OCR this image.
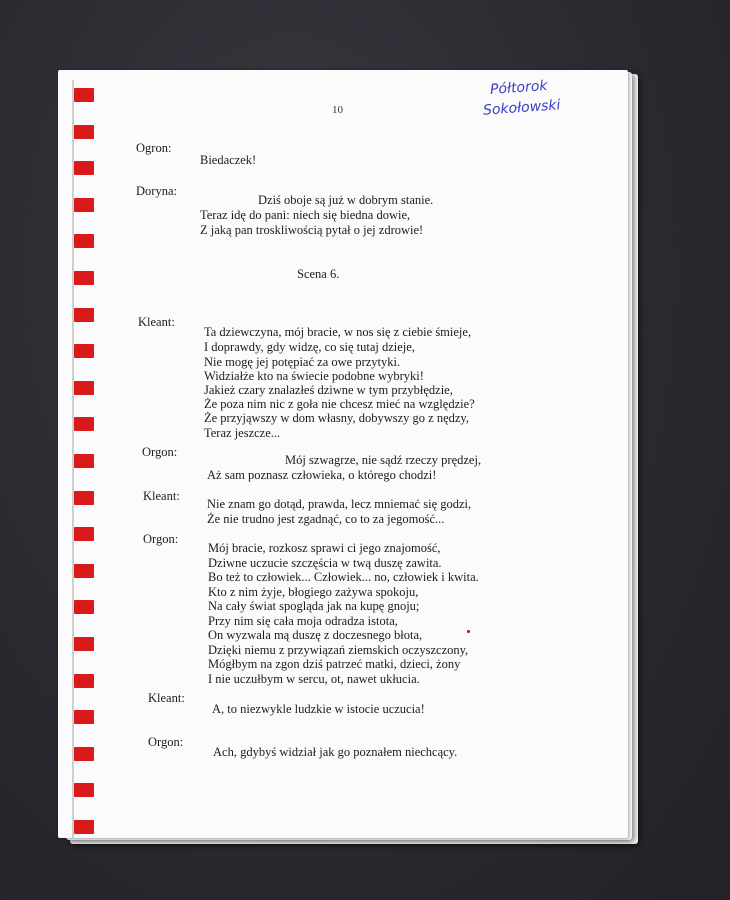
10
Półtorok
Sokołowski
Ogron:
Biedaczek!
Doryna:
Dziś oboje są już w dobrym stanie.
Teraz idę do pani: niech się biedna dowie,
Z jaką pan troskliwością pytał o jej zdrowie!
Scena 6.
Kleant:
Ta dziewczyna, mój bracie, w nos się z ciebie śmieje,
I doprawdy, gdy widzę, co się tutaj dzieje,
Nie mogę jej potępiać za owe przytyki.
Widziałże kto na świecie podobne wybryki!
Jakież czary znalazłeś dziwne w tym przybłędzie,
Że poza nim nic z goła nie chcesz mieć na względzie?
Że przyjąwszy w dom własny, dobywszy go z nędzy,
Teraz jeszcze...
Orgon:
Mój szwagrze, nie sądź rzeczy prędzej,
Aż sam poznasz człowieka, o którego chodzi!
Kleant:
Nie znam go dotąd, prawda, lecz mniemać się godzi,
Że nie trudno jest zgadnąć, co to za jegomość...
Orgon:
Mój bracie, rozkosz sprawi ci jego znajomość,
Dziwne uczucie szczęścia w twą duszę zawita.
Bo też to człowiek... Człowiek... no, człowiek i kwita.
Kto z nim żyje, błogiego zażywa spokoju,
Na cały świat spogląda jak na kupę gnoju;
Przy nim się cała moja odradza istota,
On wyzwala mą duszę z doczesnego błota,
Dzięki niemu z przywiązań ziemskich oczyszczony,
Mógłbym na zgon dziś patrzeć matki, dzieci, żony
I nie uczułbym w sercu, ot, nawet ukłucia.
Kleant:
A, to niezwykle ludzkie w istocie uczucia!
Orgon:
Ach, gdybyś widział jak go poznałem niechcący.
